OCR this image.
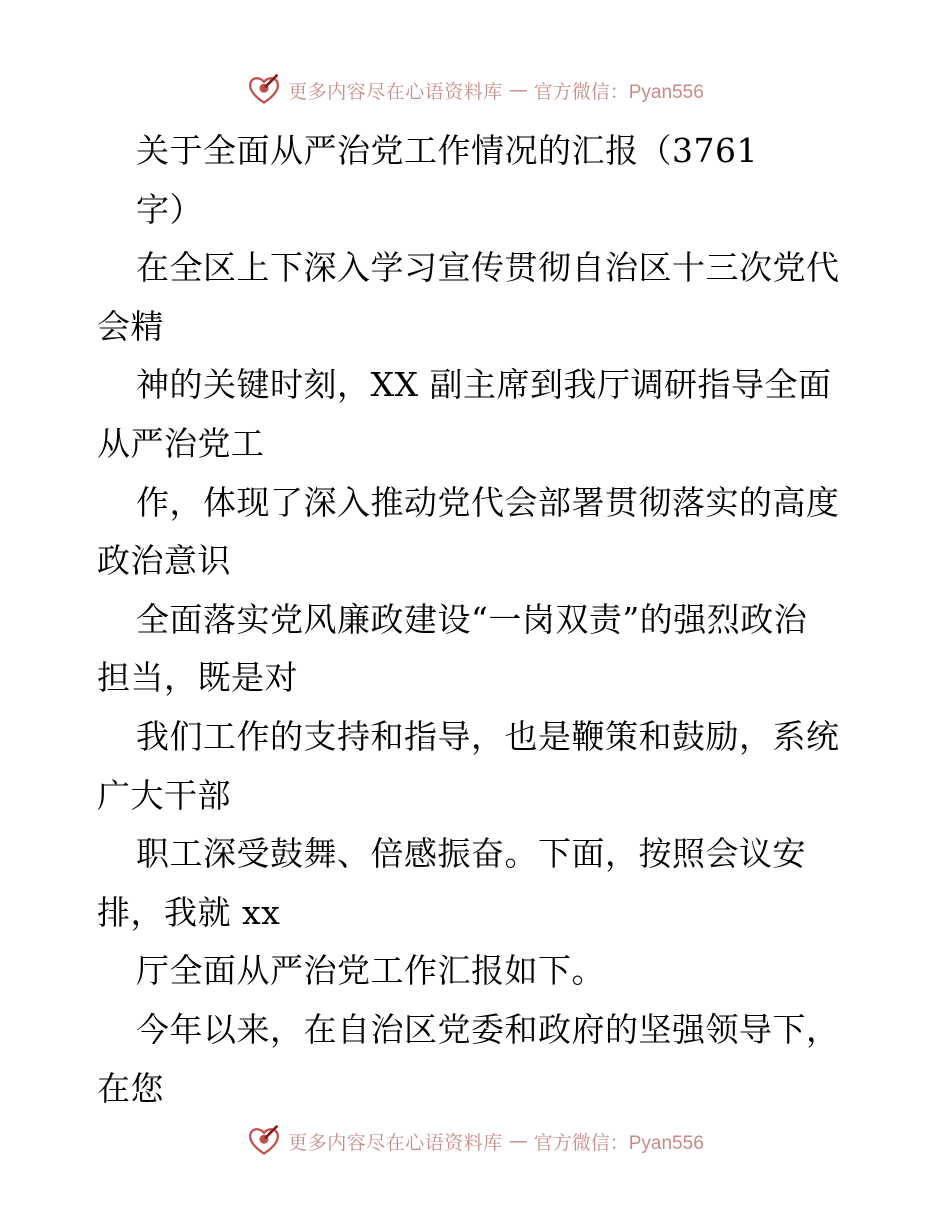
更多内容尽在心语资料库 — 官方微信：Pyan556
关于全面从严治党工作情况的汇报（3761
字）
在全区上下深入学习宣传贯彻自治区十三次党代
会精
神的关键时刻，XX 副主席到我厅调研指导全面
从严治党工
作，体现了深入推动党代会部署贯彻落实的高度
政治意识
全面落实党风廉政建设“一岗双责”的强烈政治
担当，既是对
我们工作的支持和指导，也是鞭策和鼓励，系统
广大干部
职工深受鼓舞、倍感振奋。下面，按照会议安
排，我就 xx
厅全面从严治党工作汇报如下。
今年以来，在自治区党委和政府的坚强领导下，
在您
更多内容尽在心语资料库 — 官方微信：Pyan556
